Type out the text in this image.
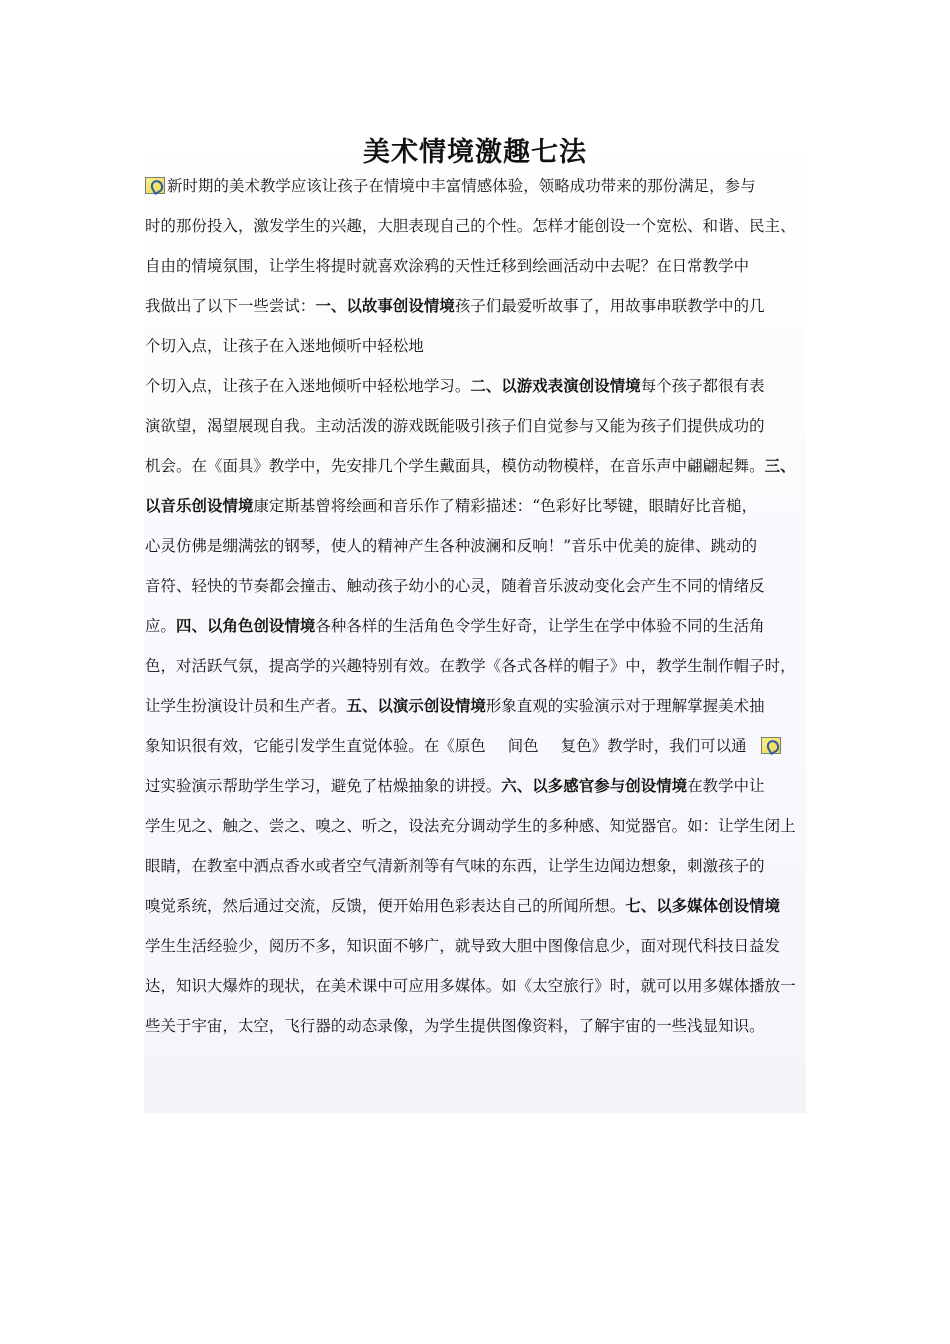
美术情境激趣七法

新时期的美术教学应该让孩子在情境中丰富情感体验，领略成功带来的那份满足，参与

时的那份投入，激发学生的兴趣，大胆表现自己的个性。怎样才能创设一个宽松、和谐、民主、

自由的情境氛围，让学生将提时就喜欢涂鸦的天性迁移到绘画活动中去呢？在日常教学中

我做出了以下一些尝试：一、以故事创设情境孩子们最爱听故事了，用故事串联教学中的几

个切入点，让孩子在入迷地倾听中轻松地

个切入点，让孩子在入迷地倾听中轻松地学习。二、以游戏表演创设情境每个孩子都很有表

演欲望，渴望展现自我。主动活泼的游戏既能吸引孩子们自觉参与又能为孩子们提供成功的

机会。在《面具》教学中，先安排几个学生戴面具，模仿动物模样，在音乐声中翩翩起舞。三、

以音乐创设情境康定斯基曾将绘画和音乐作了精彩描述：“色彩好比琴键，眼睛好比音槌，

心灵仿佛是绷满弦的钢琴，使人的精神产生各种波澜和反响！”音乐中优美的旋律、跳动的

音符、轻快的节奏都会撞击、触动孩子幼小的心灵，随着音乐波动变化会产生不同的情绪反

应。四、以角色创设情境各种各样的生活角色令学生好奇，让学生在学中体验不同的生活角

色，对活跃气氛，提高学的兴趣特别有效。在教学《各式各样的帽子》中，教学生制作帽子时，

让学生扮演设计员和生产者。五、以演示创设情境形象直观的实验演示对于理解掌握美术抽

象知识很有效，它能引发学生直觉体验。在《原色 间色 复色》教学时，我们可以通

过实验演示帮助学生学习，避免了枯燥抽象的讲授。六、以多感官参与创设情境在教学中让

学生见之、触之、尝之、嗅之、听之，设法充分调动学生的多种感、知觉器官。如：让学生闭上

眼睛，在教室中洒点香水或者空气清新剂等有气味的东西，让学生边闻边想象，刺激孩子的

嗅觉系统，然后通过交流，反馈，便开始用色彩表达自己的所闻所想。七、以多媒体创设情境

学生生活经验少，阅历不多，知识面不够广，就导致大胆中图像信息少，面对现代科技日益发

达，知识大爆炸的现状，在美术课中可应用多媒体。如《太空旅行》时，就可以用多媒体播放一

些关于宇宙，太空，飞行器的动态录像，为学生提供图像资料，了解宇宙的一些浅显知识。
